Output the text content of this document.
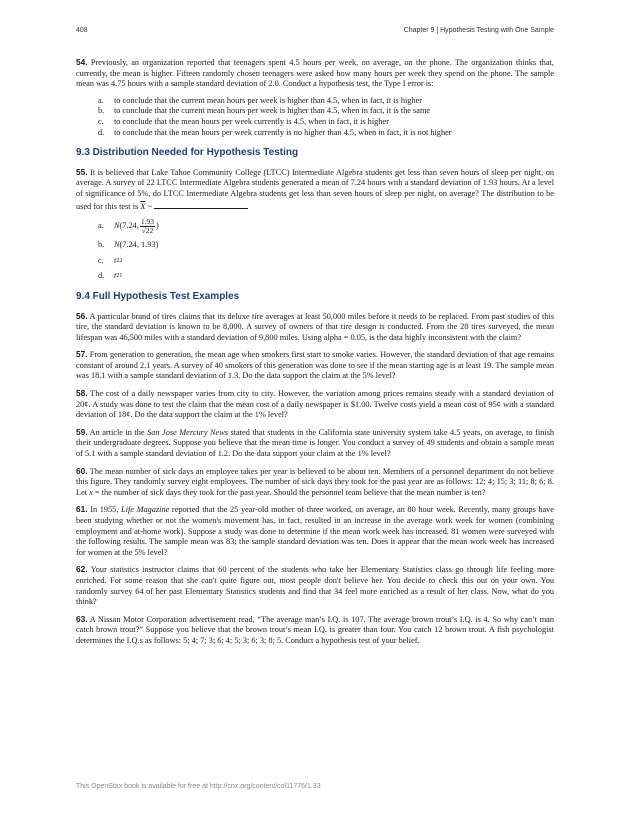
408	Chapter 9 | Hypothesis Testing with One Sample

54. Previously, an organization reported that teenagers spent 4.5 hours per week, on average, on the phone. The organization thinks that, currently, the mean is higher. Fifteen randomly chosen teenagers were asked how many hours per week they spend on the phone. The sample mean was 4.75 hours with a sample standard deviation of 2.0. Conduct a hypothesis test, the Type I error is:

a.	to conclude that the current mean hours per week is higher than 4.5, when in fact, it is higher
b.	to conclude that the current mean hours per week is higher than 4.5, when in fact, it is the same
c.	to conclude that the mean hours per week currently is 4.5, when in fact, it is higher
d.	to conclude that the mean hours per week currently is no higher than 4.5, when in fact, it is not higher
9.3 Distribution Needed for Hypothesis Testing

55. It is believed that Lake Tahoe Community College (LTCC) Intermediate Algebra students get less than seven hours of sleep per night, on average. A survey of 22 LTCC Intermediate Algebra students generated a mean of 7.24 hours with a standard deviation of 1.93 hours. At a level of significance of 5%, do LTCC Intermediate Algebra students get less than seven hours of sleep per night, on average? The distribution to be used for this test is $\overline{X}$ ~

a.	N (7.24, $\frac{1.93}{√22}$ )
b.	N (7.24, 1.93)
c.	t 22
d.	t 21
9.4 Full Hypothesis Test Examples

56. A particular brand of tires claims that its deluxe tire averages at least 50,000 miles before it needs to be replaced. From past studies of this tire, the standard deviation is known to be 8,000. A survey of owners of that tire design is conducted. From the 28 tires surveyed, the mean lifespan was 46,500 miles with a standard deviation of 9,800 miles. Using alpha = 0.05, is the data highly inconsistent with the claim?

57. From generation to generation, the mean age when smokers first start to smoke varies. However, the standard deviation of that age remains constant of around 2.1 years. A survey of 40 smokers of this generation was done to see if the mean starting age is at least 19. The sample mean was 18.1 with a sample standard deviation of 1.3. Do the data support the claim at the 5% level?

58. The cost of a daily newspaper varies from city to city. However, the variation among prices remains steady with a standard deviation of 20¢. A study was done to test the claim that the mean cost of a daily newspaper is $1.00. Twelve costs yield a mean cost of 95¢ with a standard deviation of 18¢. Do the data support the claim at the 1% level?

59. An article in the San Jose Mercury News stated that students in the California state university system take 4.5 years, on average, to finish their undergraduate degrees. Suppose you believe that the mean time is longer. You conduct a survey of 49 students and obtain a sample mean of 5.1 with a sample standard deviation of 1.2. Do the data support your claim at the 1% level?

60. The mean number of sick days an employee takes per year is believed to be about ten. Members of a personnel department do not believe this figure. They randomly survey eight employees. The number of sick days they took for the past year are as follows: 12; 4; 15; 3; 11; 8; 6; 8. Let x = the number of sick days they took for the past year. Should the personnel team believe that the mean number is ten?

61. In 1955, Life Magazine reported that the 25 year-old mother of three worked, on average, an 80 hour week. Recently, many groups have been studying whether or not the women's movement has, in fact, resulted in an increase in the average work week for women (combining employment and at-home work). Suppose a study was done to determine if the mean work week has increased. 81 women were surveyed with the following results. The sample mean was 83; the sample standard deviation was ten. Does it appear that the mean work week has increased for women at the 5% level?

62. Your statistics instructor claims that 60 percent of the students who take her Elementary Statistics class go through life feeling more enriched. For some reason that she can't quite figure out, most people don't believe her. You decide to check this out on your own. You randomly survey 64 of her past Elementary Statistics students and find that 34 feel more enriched as a result of her class. Now, what do you think?

63. A Nissan Motor Corporation advertisement read, “The average man’s I.Q. is 107. The average brown trout’s I.Q. is 4. So why can’t man catch brown trout?” Suppose you believe that the brown trout’s mean I.Q. is greater than four. You catch 12 brown trout. A fish psychologist determines the I.Q.s as follows: 5; 4; 7; 3; 6; 4; 5; 3; 6; 3; 8; 5. Conduct a hypothesis test of your belief.

This OpenStax book is available for free at http://cnx.org/content/col11776/1.33
